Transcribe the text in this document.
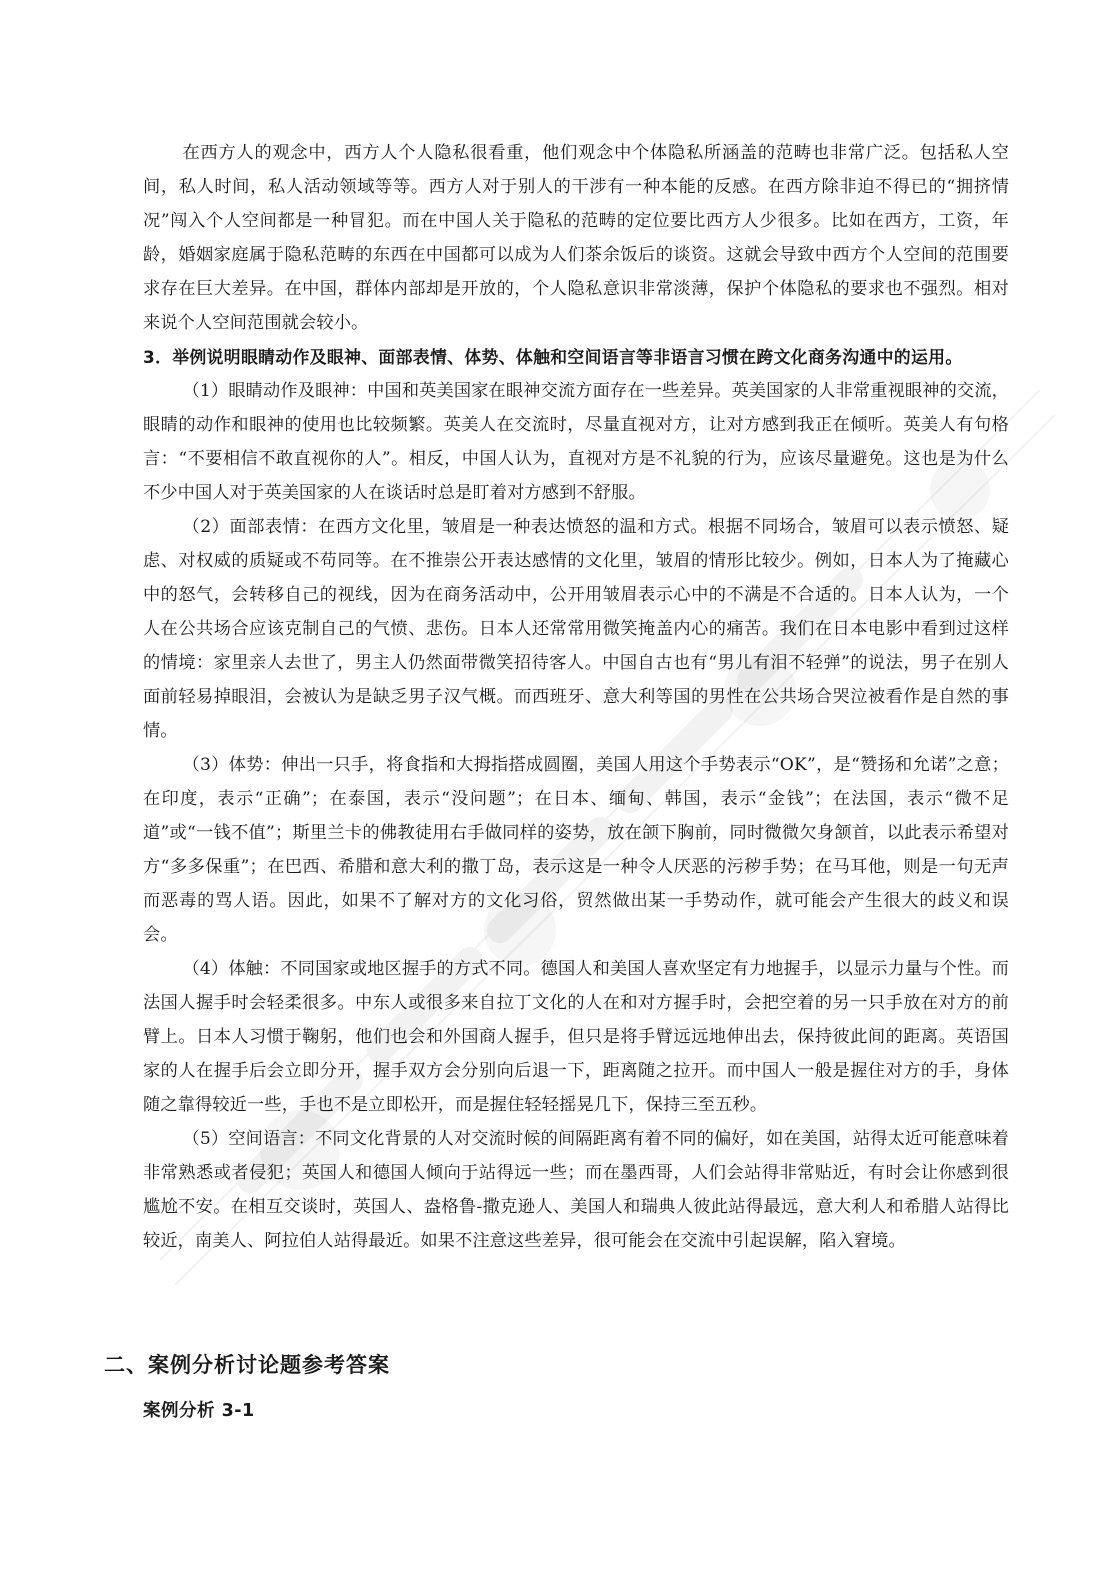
在西方人的观念中，西方人个人隐私很看重，他们观念中个体隐私所涵盖的范畴也非常广泛。包括私人空间，私人时间，私人活动领域等等。西方人对于别人的干涉有一种本能的反感。在西方除非迫不得已的“拥挤情况”闯入个人空间都是一种冒犯。而在中国人关于隐私的范畴的定位要比西方人少很多。比如在西方，工资，年龄，婚姻家庭属于隐私范畴的东西在中国都可以成为人们茶余饭后的谈资。这就会导致中西方个人空间的范围要求存在巨大差异。在中国，群体内部却是开放的，个人隐私意识非常淡薄，保护个体隐私的要求也不强烈。相对来说个人空间范围就会较小。

3．举例说明眼睛动作及眼神、面部表情、体势、体触和空间语言等非语言习惯在跨文化商务沟通中的运用。

（1）眼睛动作及眼神：中国和英美国家在眼神交流方面存在一些差异。英美国家的人非常重视眼神的交流，眼睛的动作和眼神的使用也比较频繁。英美人在交流时，尽量直视对方，让对方感到我正在倾听。英美人有句格言：“不要相信不敢直视你的人”。相反，中国人认为，直视对方是不礼貌的行为，应该尽量避免。这也是为什么不少中国人对于英美国家的人在谈话时总是盯着对方感到不舒服。

（2）面部表情：在西方文化里，皱眉是一种表达愤怒的温和方式。根据不同场合，皱眉可以表示愤怒、疑虑、对权威的质疑或不苟同等。在不推崇公开表达感情的文化里，皱眉的情形比较少。例如，日本人为了掩藏心中的怒气，会转移自己的视线，因为在商务活动中，公开用皱眉表示心中的不满是不合适的。日本人认为，一个人在公共场合应该克制自己的气愤、悲伤。日本人还常常用微笑掩盖内心的痛苦。我们在日本电影中看到过这样的情境：家里亲人去世了，男主人仍然面带微笑招待客人。中国自古也有“男儿有泪不轻弹”的说法，男子在别人面前轻易掉眼泪，会被认为是缺乏男子汉气概。而西班牙、意大利等国的男性在公共场合哭泣被看作是自然的事情。

（3）体势：伸出一只手，将食指和大拇指搭成圆圈，美国人用这个手势表示“OK”，是“赞扬和允诺”之意；在印度，表示“正确”；在泰国，表示“没问题”；在日本、缅甸、韩国，表示“金钱”；在法国，表示“微不足道”或“一钱不值”；斯里兰卡的佛教徒用右手做同样的姿势，放在颌下胸前，同时微微欠身颔首，以此表示希望对方“多多保重”；在巴西、希腊和意大利的撒丁岛，表示这是一种令人厌恶的污秽手势；在马耳他，则是一句无声而恶毒的骂人语。因此，如果不了解对方的文化习俗，贸然做出某一手势动作，就可能会产生很大的歧义和误会。

（4）体触：不同国家或地区握手的方式不同。德国人和美国人喜欢坚定有力地握手，以显示力量与个性。而法国人握手时会轻柔很多。中东人或很多来自拉丁文化的人在和对方握手时，会把空着的另一只手放在对方的前臂上。日本人习惯于鞠躬，他们也会和外国商人握手，但只是将手臂远远地伸出去，保持彼此间的距离。英语国家的人在握手后会立即分开，握手双方会分别向后退一下，距离随之拉开。而中国人一般是握住对方的手，身体随之靠得较近一些，手也不是立即松开，而是握住轻轻摇晃几下，保持三至五秒。

（5）空间语言：不同文化背景的人对交流时候的间隔距离有着不同的偏好，如在美国，站得太近可能意味着非常熟悉或者侵犯；英国人和德国人倾向于站得远一些；而在墨西哥，人们会站得非常贴近，有时会让你感到很尴尬不安。在相互交谈时，英国人、盎格鲁-撒克逊人、美国人和瑞典人彼此站得最远，意大利人和希腊人站得比较近，南美人、阿拉伯人站得最近。如果不注意这些差异，很可能会在交流中引起误解，陷入窘境。

二、案例分析讨论题参考答案
案例分析 3-1
